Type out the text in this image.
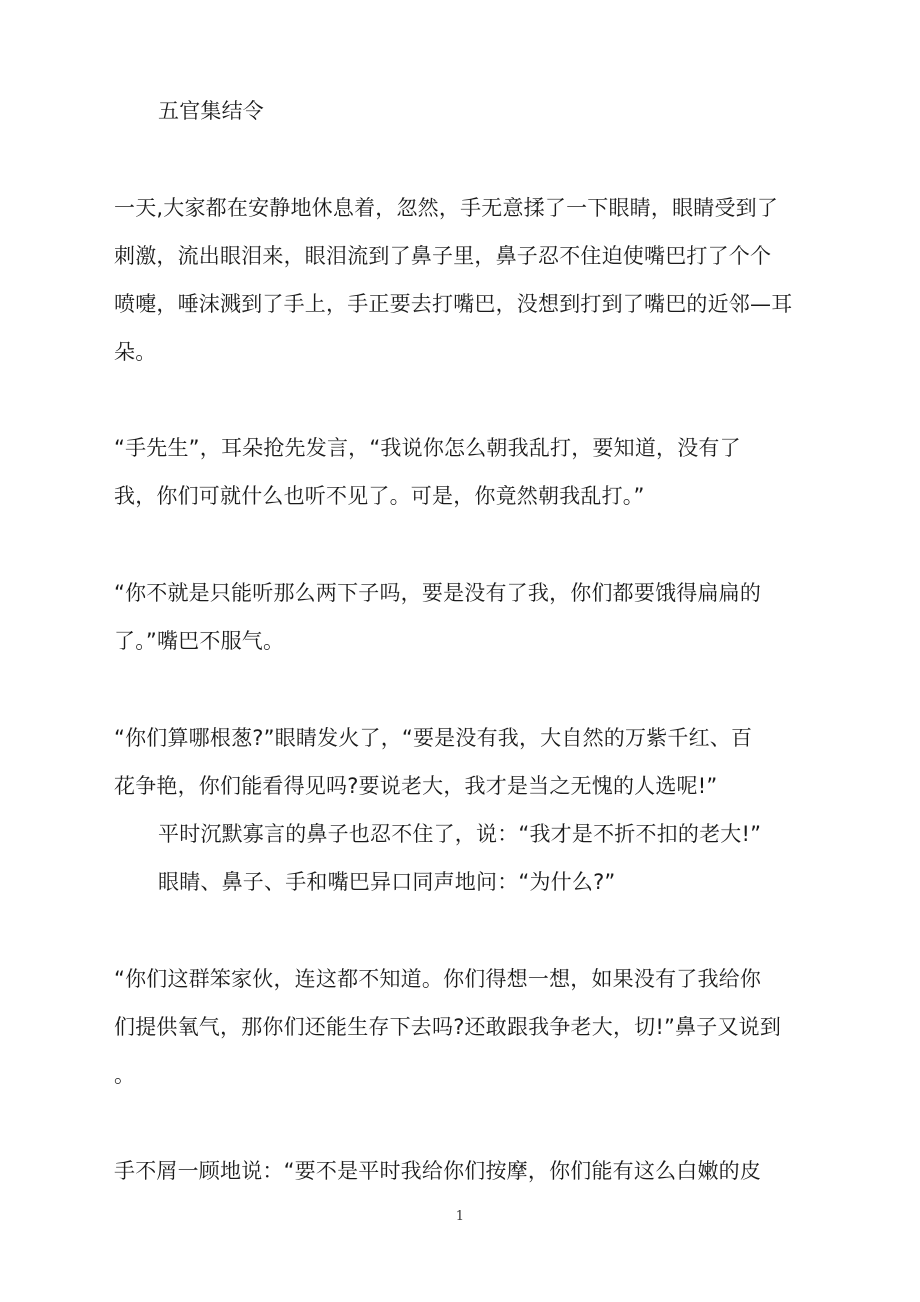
五官集结令
一天,大家都在安静地休息着，忽然，手无意揉了一下眼睛，眼睛受到了
刺激，流出眼泪来，眼泪流到了鼻子里，鼻子忍不住迫使嘴巴打了个个
喷嚏，唾沫溅到了手上，手正要去打嘴巴，没想到打到了嘴巴的近邻—耳
朵。
“手先生”，耳朵抢先发言，“我说你怎么朝我乱打，要知道，没有了
我，你们可就什么也听不见了。可是，你竟然朝我乱打。”
“你不就是只能听那么两下子吗，要是没有了我，你们都要饿得扁扁的
了。”嘴巴不服气。
“你们算哪根葱?”眼睛发火了，“要是没有我，大自然的万紫千红、百
花争艳，你们能看得见吗?要说老大，我才是当之无愧的人选呢!”
平时沉默寡言的鼻子也忍不住了，说：“我才是不折不扣的老大!”
眼睛、鼻子、手和嘴巴异口同声地问：“为什么?”
“你们这群笨家伙，连这都不知道。你们得想一想，如果没有了我给你
们提供氧气，那你们还能生存下去吗?还敢跟我争老大，切!”鼻子又说到
。
手不屑一顾地说：“要不是平时我给你们按摩，你们能有这么白嫩的皮
1
